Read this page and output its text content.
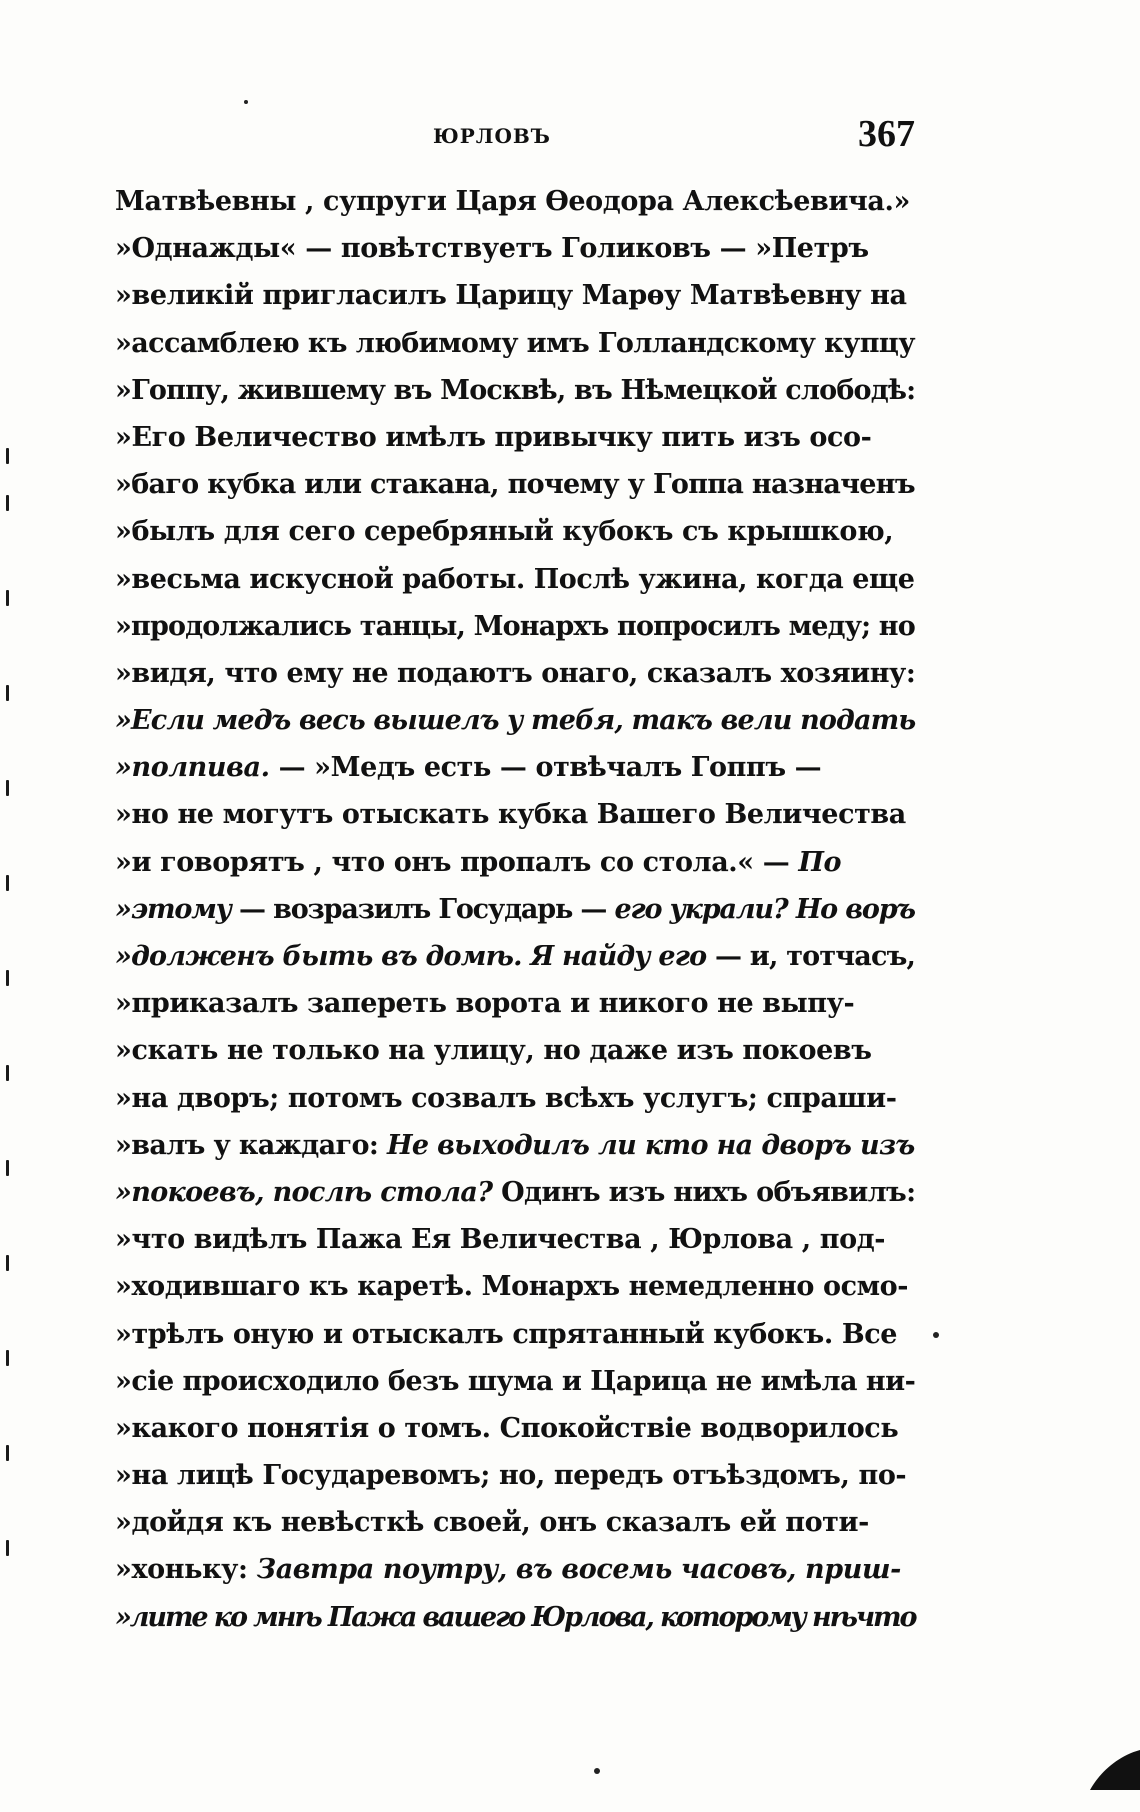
ЮРЛОВЪ	367
Матвѣевны , супруги Царя Ѳеодора Алексѣевича.»
»Однажды« — повѣтствуетъ Голиковъ — »Петръ
»великій пригласилъ Царицу Марѳу Матвѣевну на
»ассамблею къ любимому имъ Голландскому купцу
»Гоппу, жившему въ Москвѣ, въ Нѣмецкой слободѣ:
»Его Величество имѣлъ привычку пить изъ осо-
»баго кубка или стакана, почему у Гоппа назначенъ
»былъ для сего серебряный кубокъ съ крышкою,
»весьма искусной работы. Послѣ ужина, когда еще
»продолжались танцы, Монархъ попросилъ меду; но
»видя, что ему не подаютъ онаго, сказалъ хозяину:
»Если медъ весь вышелъ у тебя, такъ вели подать
»полпива. — »Медъ есть — отвѣчалъ Гоппъ —
»но не могутъ отыскать кубка Вашего Величества
»и говорятъ , что онъ пропалъ со стола.« — По
»этому — возразилъ Государь — его украли? Но воръ
»долженъ быть въ домѣ. Я найду его — и, тотчасъ,
»приказалъ запереть ворота и никого не выпу-
»скать не только на улицу, но даже изъ покоевъ
»на дворъ; потомъ созвалъ всѣхъ услугъ; спраши-
»валъ у каждаго: Не выходилъ ли кто на дворъ изъ
»покоевъ, послѣ стола? Одинъ изъ нихъ объявилъ:
»что видѣлъ Пажа Ея Величества , Юрлова , под-
»ходившаго къ каретѣ. Монархъ немедленно осмо-
»трѣлъ оную и отыскалъ спрятанный кубокъ. Все
»сіе происходило безъ шума и Царица не имѣла ни-
»какого понятія о томъ. Спокойствіе водворилось
»на лицѣ Государевомъ; но, передъ отъѣздомъ, по-
»дойдя къ невѣсткѣ своей, онъ сказалъ ей поти-
»хоньку: Завтра поутру, въ восемь часовъ, приш-
»лите ко мнѣ Пажа вашего Юрлова, которому нѣчто
